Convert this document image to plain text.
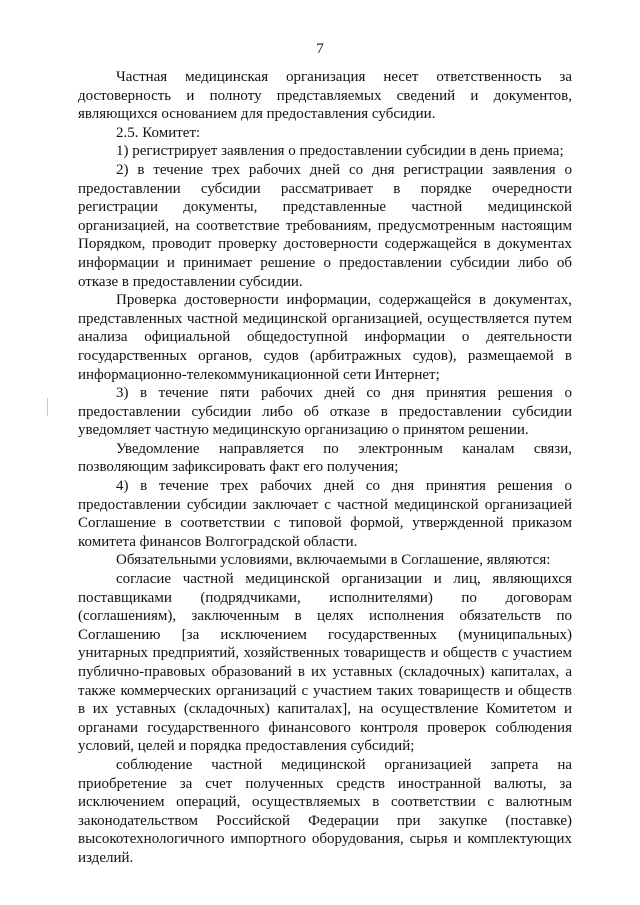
7

Частная медицинская организация несет ответственность за достоверность и полноту представляемых сведений и документов, являющихся основанием для предоставления субсидии.

2.5. Комитет:

1) регистрирует заявления о предоставлении субсидии в день приема;

2) в течение трех рабочих дней со дня регистрации заявления о предоставлении субсидии рассматривает в порядке очередности регистрации документы, представленные частной медицинской организацией, на соответствие требованиям, предусмотренным настоящим Порядком, проводит проверку достоверности содержащейся в документах информации и принимает решение о предоставлении субсидии либо об отказе в предоставлении субсидии.

Проверка достоверности информации, содержащейся в документах, представленных частной медицинской организацией, осуществляется путем анализа официальной общедоступной информации о деятельности государственных органов, судов (арбитражных судов), размещаемой в информационно-телекоммуникационной сети Интернет;

3) в течение пяти рабочих дней со дня принятия решения о предоставлении субсидии либо об отказе в предоставлении субсидии уведомляет частную медицинскую организацию о принятом решении.

Уведомление направляется по электронным каналам связи, позволяющим зафиксировать факт его получения;

4) в течение трех рабочих дней со дня принятия решения о предоставлении субсидии заключает с частной медицинской организацией Соглашение в соответствии с типовой формой, утвержденной приказом комитета финансов Волгоградской области.

Обязательными условиями, включаемыми в Соглашение, являются:

согласие частной медицинской организации и лиц, являющихся поставщиками (подрядчиками, исполнителями) по договорам (соглашениям), заключенным в целях исполнения обязательств по Соглашению [за исключением государственных (муниципальных) унитарных предприятий, хозяйственных товариществ и обществ с участием публично-правовых образований в их уставных (складочных) капиталах, а также коммерческих организаций с участием таких товариществ и обществ в их уставных (складочных) капиталах], на осуществление Комитетом и органами государственного финансового контроля проверок соблюдения условий, целей и порядка предоставления субсидий;

соблюдение частной медицинской организацией запрета на приобретение за счет полученных средств иностранной валюты, за исключением операций, осуществляемых в соответствии с валютным законодательством Российской Федерации при закупке (поставке) высокотехнологичного импортного оборудования, сырья и комплектующих изделий.
